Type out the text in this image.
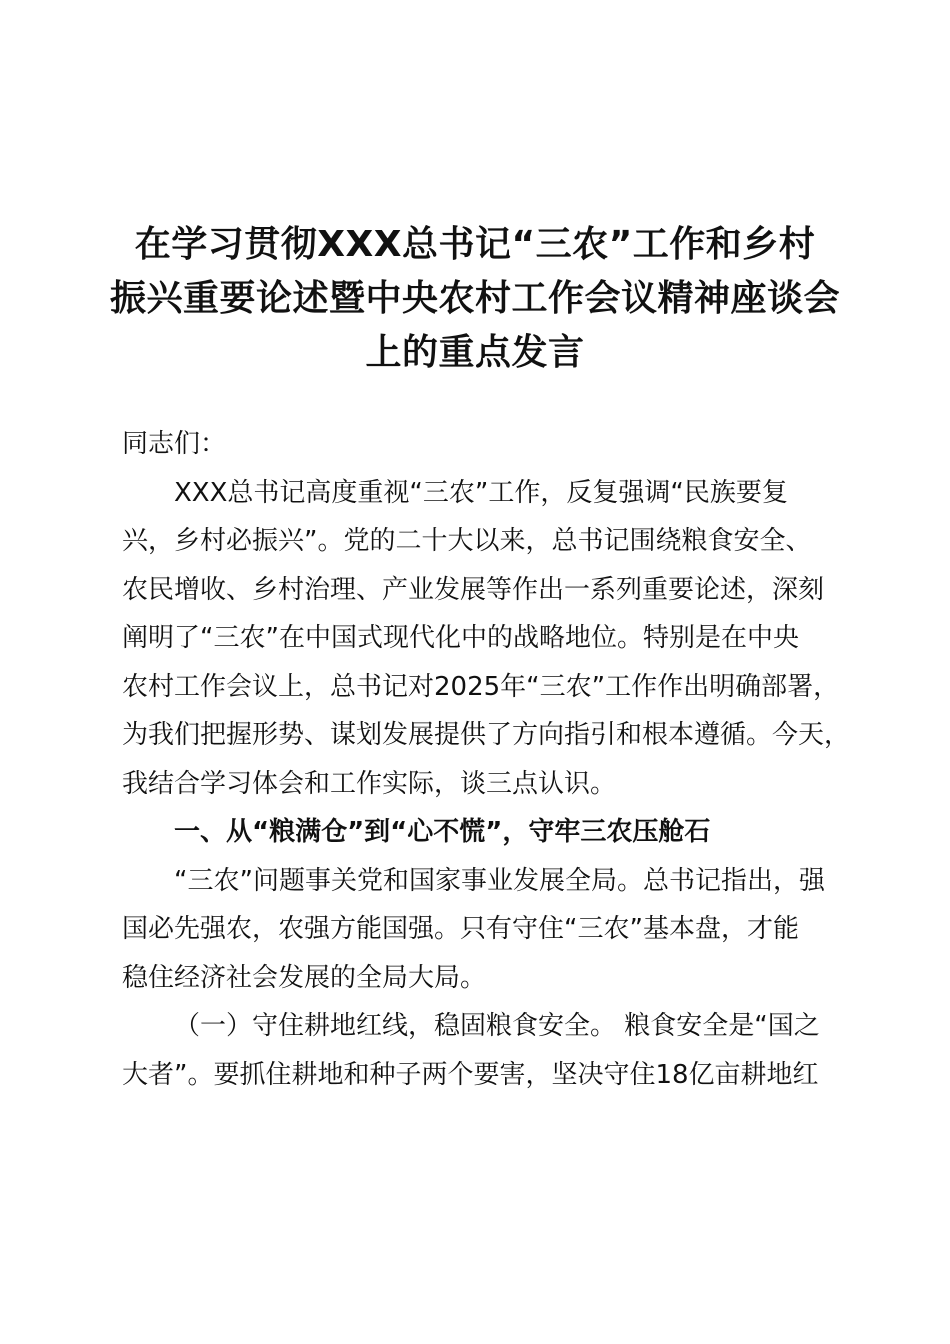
在学习贯彻XXX总书记“三农”工作和乡村
振兴重要论述暨中央农村工作会议精神座谈会
上的重点发言
同志们：
XXX总书记高度重视“三农”工作，反复强调“民族要复
兴，乡村必振兴”。党的二十大以来，总书记围绕粮食安全、
农民增收、乡村治理、产业发展等作出一系列重要论述，深刻
阐明了“三农”在中国式现代化中的战略地位。特别是在中央
农村工作会议上，总书记对2025年“三农”工作作出明确部署，
为我们把握形势、谋划发展提供了方向指引和根本遵循。今天，
我结合学习体会和工作实际，谈三点认识。
一、从“粮满仓”到“心不慌”，守牢三农压舱石
“三农”问题事关党和国家事业发展全局。总书记指出，强
国必先强农，农强方能国强。只有守住“三农”基本盘，才能
稳住经济社会发展的全局大局。
（一）守住耕地红线，稳固粮食安全。 粮食安全是“国之
大者”。要抓住耕地和种子两个要害，坚决守住18亿亩耕地红
